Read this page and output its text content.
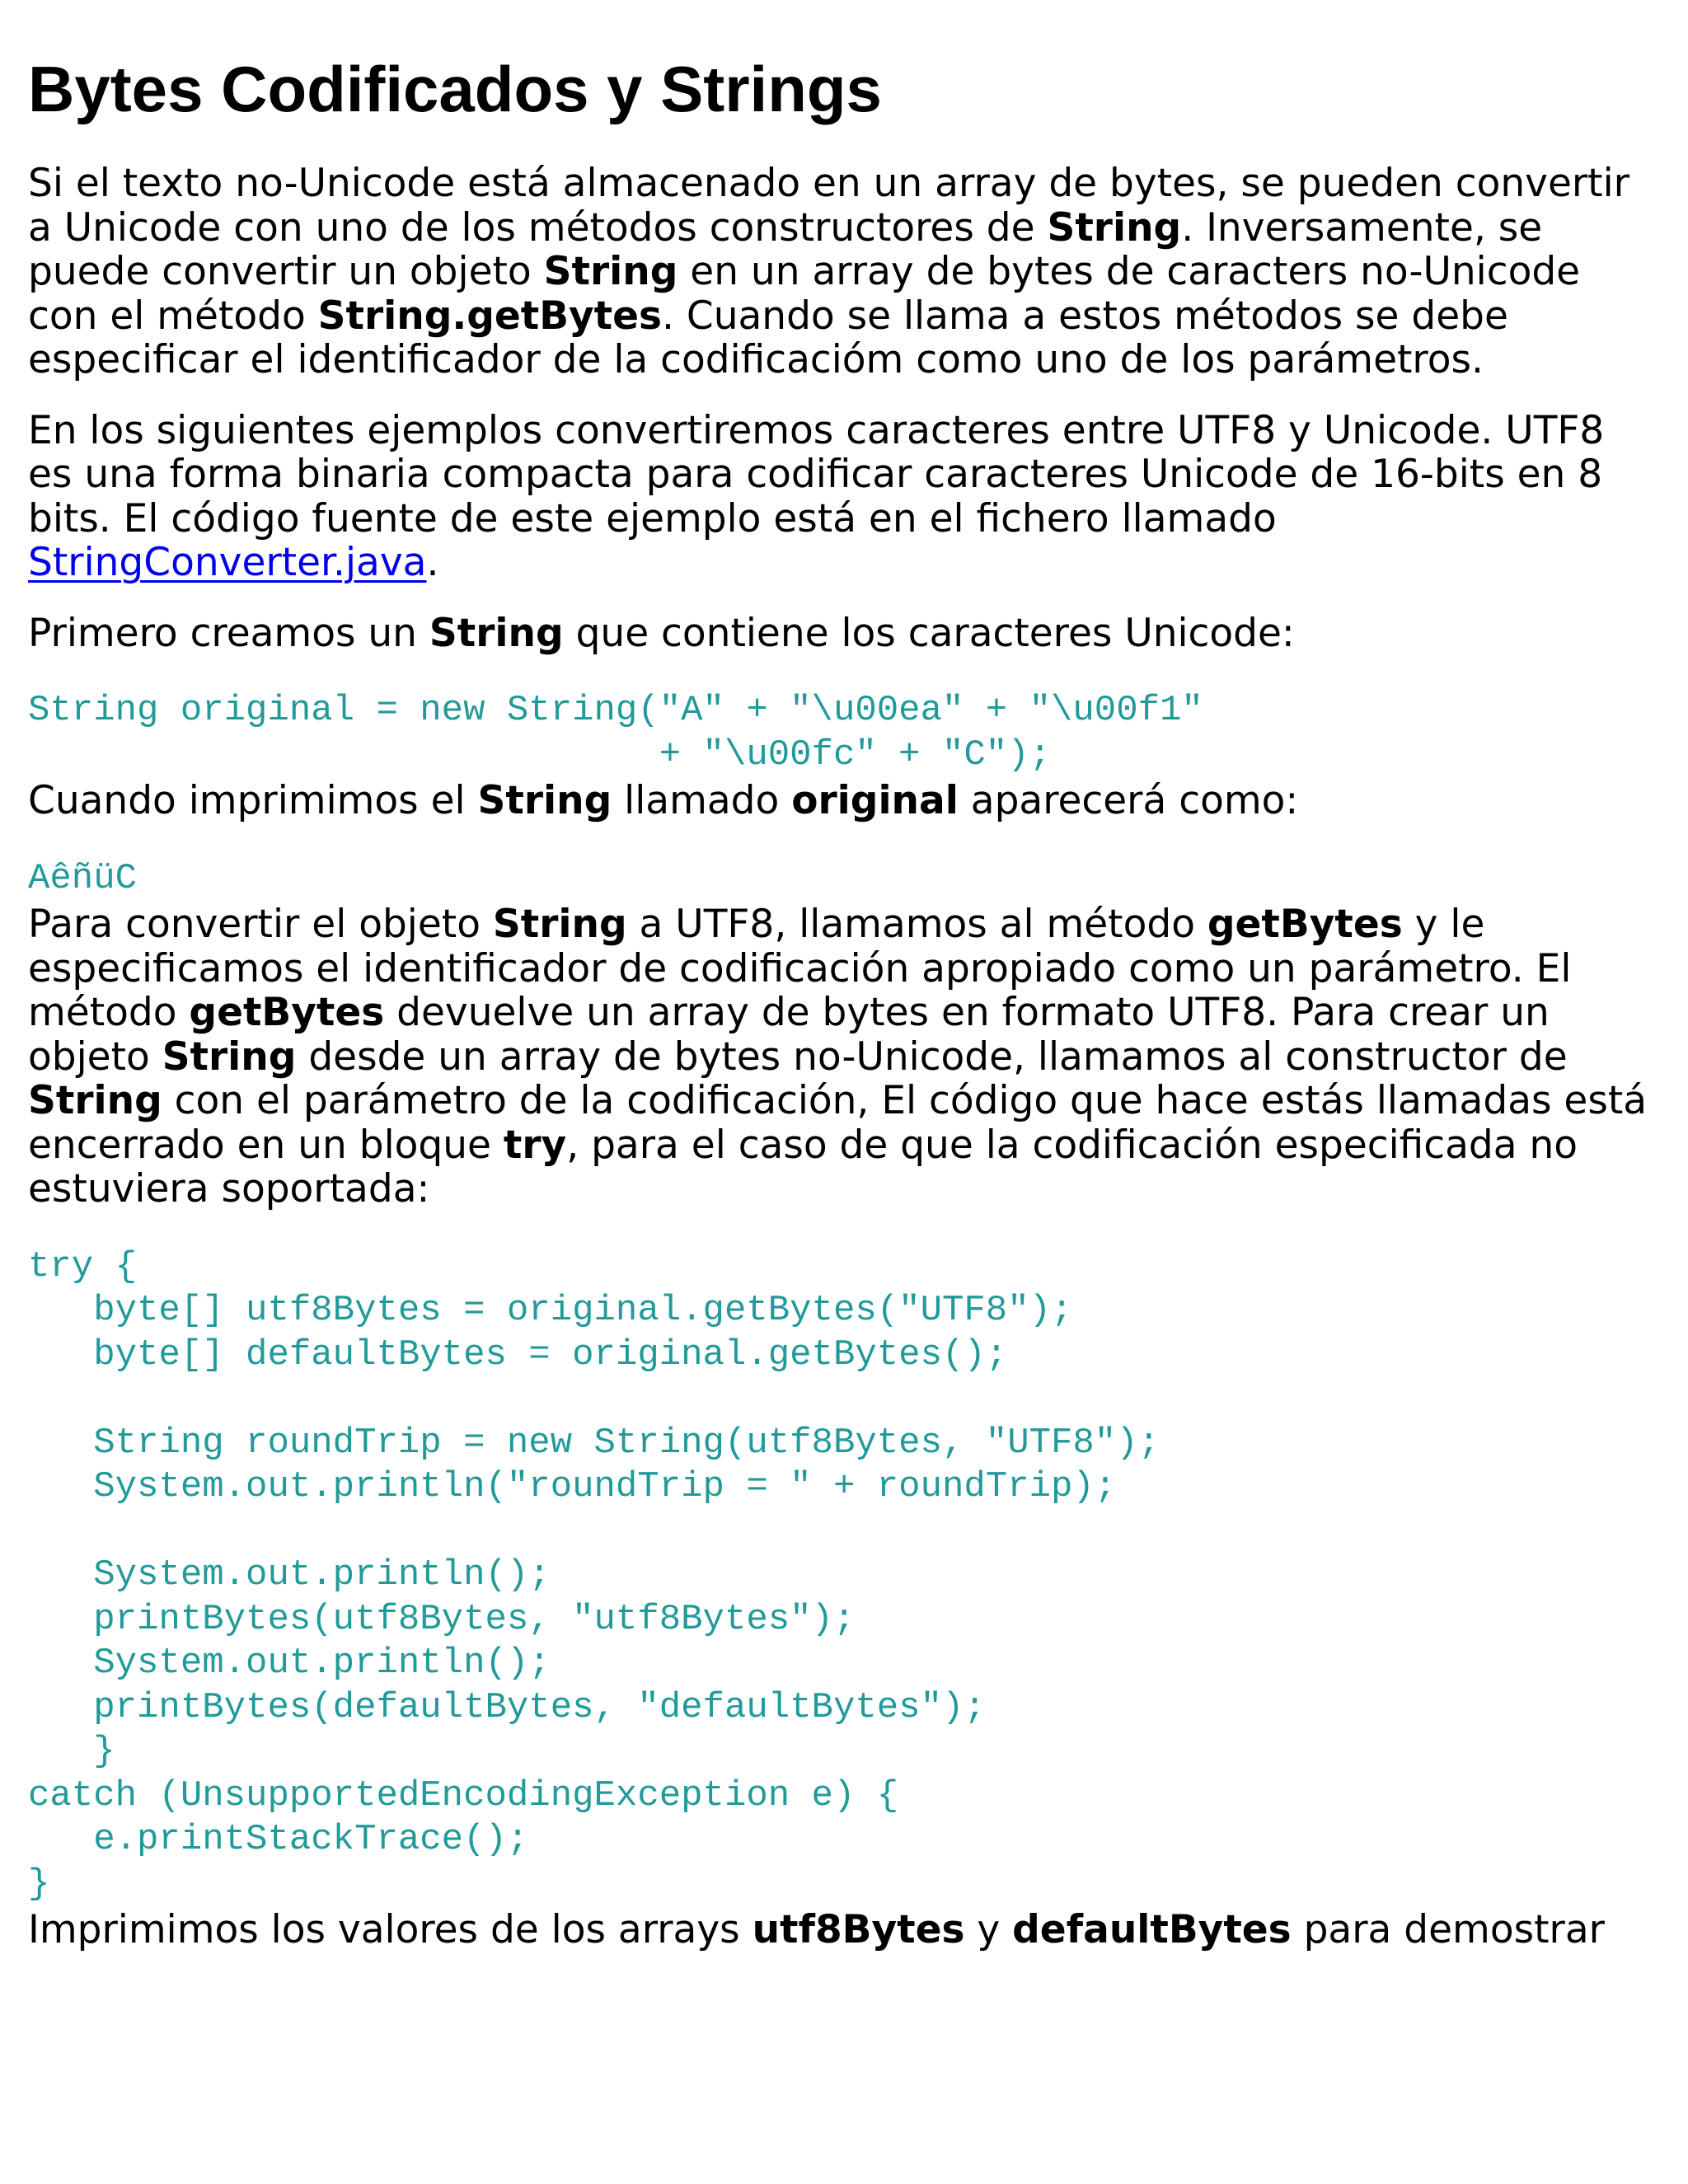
Bytes Codificados y Strings

Si el texto no-Unicode está almacenado en un array de bytes, se pueden convertir a Unicode con uno de los métodos constructores de String. Inversamente, se puede convertir un objeto String en un array de bytes de caracters no-Unicode con el método String.getBytes. Cuando se llama a estos métodos se debe especificar el identificador de la codificacióm como uno de los parámetros.

En los siguientes ejemplos convertiremos caracteres entre UTF8 y Unicode. UTF8 es una forma binaria compacta para codificar caracteres Unicode de 16-bits en 8 bits. El código fuente de este ejemplo está en el fichero llamado StringConverter.java.

Primero creamos un String que contiene los caracteres Unicode:

String original = new String("A" + "\u00ea" + "\u00f1"
+ "\u00fc" + "C");

Cuando imprimimos el String llamado original aparecerá como:

AêñüC

Para convertir el objeto String a UTF8, llamamos al método getBytes y le especificamos el identificador de codificación apropiado como un parámetro. El método getBytes devuelve un array de bytes en formato UTF8. Para crear un objeto String desde un array de bytes no-Unicode, llamamos al constructor de String con el parámetro de la codificación, El código que hace estás llamadas está encerrado en un bloque try, para el caso de que la codificación especificada no estuviera soportada:

try {
byte[] utf8Bytes = original.getBytes("UTF8");
byte[] defaultBytes = original.getBytes();

String roundTrip = new String(utf8Bytes, "UTF8");
System.out.println("roundTrip = " + roundTrip);

System.out.println();
printBytes(utf8Bytes, "utf8Bytes");
System.out.println();
printBytes(defaultBytes, "defaultBytes");
}
catch (UnsupportedEncodingException e) {
e.printStackTrace();
}

Imprimimos los valores de los arrays utf8Bytes y defaultBytes para demostrar
